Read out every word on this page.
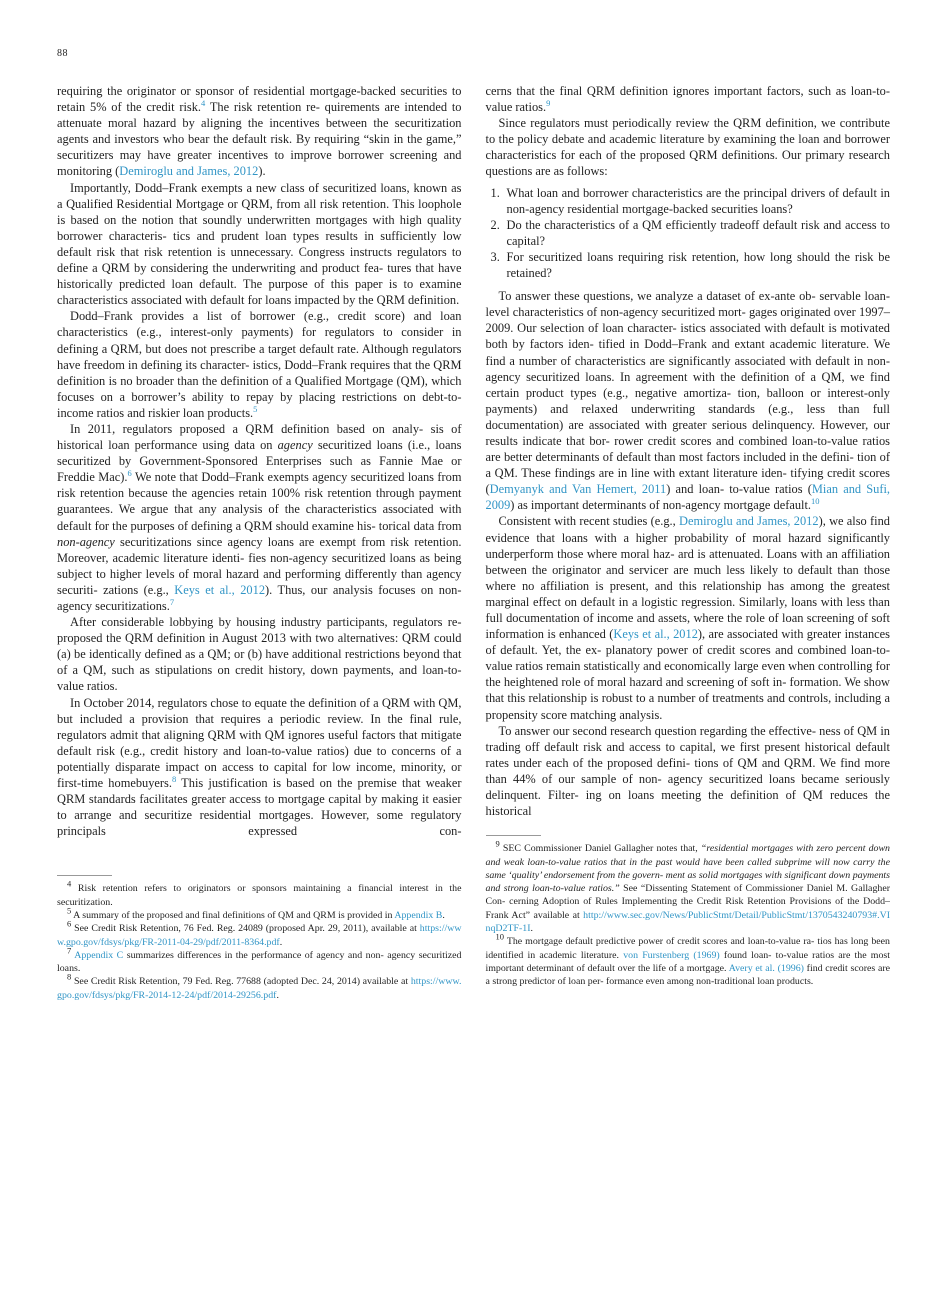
88

requiring the originator or sponsor of residential mortgage-backed securities to retain 5% of the credit risk.$^4$ The risk retention re- quirements are intended to attenuate moral hazard by aligning the incentives between the securitization agents and investors who bear the default risk. By requiring “skin in the game,” securitizers may have greater incentives to improve borrower screening and monitoring (Demiroglu and James, 2012).

Importantly, Dodd–Frank exempts a new class of securitized loans, known as a Qualified Residential Mortgage or QRM, from all risk retention. This loophole is based on the notion that soundly underwritten mortgages with high quality borrower characteris- tics and prudent loan types results in sufficiently low default risk that risk retention is unnecessary. Congress instructs regulators to define a QRM by considering the underwriting and product fea- tures that have historically predicted loan default. The purpose of this paper is to examine characteristics associated with default for loans impacted by the QRM definition.

Dodd–Frank provides a list of borrower (e.g., credit score) and loan characteristics (e.g., interest-only payments) for regulators to consider in defining a QRM, but does not prescribe a target default rate. Although regulators have freedom in defining its character- istics, Dodd–Frank requires that the QRM definition is no broader than the definition of a Qualified Mortgage (QM), which focuses on a borrower’s ability to repay by placing restrictions on debt-to- income ratios and riskier loan products.$^5$

In 2011, regulators proposed a QRM definition based on analy- sis of historical loan performance using data on agency securitized loans (i.e., loans securitized by Government-Sponsored Enterprises such as Fannie Mae or Freddie Mac).$^6$ We note that Dodd–Frank exempts agency securitized loans from risk retention because the agencies retain 100% risk retention through payment guarantees. We argue that any analysis of the characteristics associated with default for the purposes of defining a QRM should examine his- torical data from non-agency securitizations since agency loans are exempt from risk retention. Moreover, academic literature identi- fies non-agency securitized loans as being subject to higher levels of moral hazard and performing differently than agency securiti- zations (e.g., Keys et al., 2012). Thus, our analysis focuses on non- agency securitizations.$^7$

After considerable lobbying by housing industry participants, regulators re-proposed the QRM definition in August 2013 with two alternatives: QRM could (a) be identically defined as a QM; or (b) have additional restrictions beyond that of a QM, such as stipulations on credit history, down payments, and loan-to-value ratios.

In October 2014, regulators chose to equate the definition of a QRM with QM, but included a provision that requires a periodic review. In the final rule, regulators admit that aligning QRM with QM ignores useful factors that mitigate default risk (e.g., credit history and loan-to-value ratios) due to concerns of a potentially disparate impact on access to capital for low income, minority, or first-time homebuyers.$^8$ This justification is based on the premise that weaker QRM standards facilitates greater access to mortgage capital by making it easier to arrange and securitize residential mortgages. However, some regulatory principals expressed con-

$^4$ Risk retention refers to originators or sponsors maintaining a financial interest in the securitization.

$^5$ A summary of the proposed and final definitions of QM and QRM is provided in Appendix B.

$^6$ See Credit Risk Retention, 76 Fed. Reg. 24089 (proposed Apr. 29, 2011), available at https://www.gpo.gov/fdsys/pkg/FR-2011-04-29/pdf/2011-8364.pdf.

$^7$ Appendix C summarizes differences in the performance of agency and non- agency securitized loans.

$^8$ See Credit Risk Retention, 79 Fed. Reg. 77688 (adopted Dec. 24, 2014) available at https://www.gpo.gov/fdsys/pkg/FR-2014-12-24/pdf/2014-29256.pdf.

cerns that the final QRM definition ignores important factors, such as loan-to-value ratios.$^9$

Since regulators must periodically review the QRM definition, we contribute to the policy debate and academic literature by examining the loan and borrower characteristics for each of the proposed QRM definitions. Our primary research questions are as follows:

1. What loan and borrower characteristics are the principal drivers of default in non-agency residential mortgage-backed securities loans?
2. Do the characteristics of a QM efficiently tradeoff default risk and access to capital?
3. For securitized loans requiring risk retention, how long should the risk be retained?

To answer these questions, we analyze a dataset of ex-ante ob- servable loan-level characteristics of non-agency securitized mort- gages originated over 1997–2009. Our selection of loan character- istics associated with default is motivated both by factors iden- tified in Dodd–Frank and extant academic literature. We find a number of characteristics are significantly associated with default in non- agency securitized loans. In agreement with the definition of a QM, we find certain product types (e.g., negative amortiza- tion, balloon or interest-only payments) and relaxed underwriting standards (e.g., less than full documentation) are associated with greater serious delinquency. However, our results indicate that bor- rower credit scores and combined loan-to-value ratios are better determinants of default than most factors included in the defini- tion of a QM. These findings are in line with extant literature iden- tifying credit scores (Demyanyk and Van Hemert, 2011) and loan- to-value ratios (Mian and Sufi, 2009) as important determinants of non-agency mortgage default.$^{10}$

Consistent with recent studies (e.g., Demiroglu and James, 2012), we also find evidence that loans with a higher probability of moral hazard significantly underperform those where moral haz- ard is attenuated. Loans with an affiliation between the originator and servicer are much less likely to default than those where no affiliation is present, and this relationship has among the greatest marginal effect on default in a logistic regression. Similarly, loans with less than full documentation of income and assets, where the role of loan screening of soft information is enhanced (Keys et al., 2012), are associated with greater instances of default. Yet, the ex- planatory power of credit scores and combined loan-to-value ratios remain statistically and economically large even when controlling for the heightened role of moral hazard and screening of soft in- formation. We show that this relationship is robust to a number of treatments and controls, including a propensity score matching analysis.

To answer our second research question regarding the effective- ness of QM in trading off default risk and access to capital, we first present historical default rates under each of the proposed defini- tions of QM and QRM. We find more than 44% of our sample of non- agency securitized loans became seriously delinquent. Filter- ing on loans meeting the definition of QM reduces the historical

$^9$ SEC Commissioner Daniel Gallagher notes that, “residential mortgages with zero percent down and weak loan-to-value ratios that in the past would have been called subprime will now carry the same ‘quality’ endorsement from the govern- ment as solid mortgages with significant down payments and strong loan-to-value ratios.” See “Dissenting Statement of Commissioner Daniel M. Gallagher Con- cerning Adoption of Rules Implementing the Credit Risk Retention Provisions of the Dodd–Frank Act” available at http://www.sec.gov/News/PublicStmt/Detail/PublicStmt/1370543240793#.VInqD2TF-1I.

$^{10}$ The mortgage default predictive power of credit scores and loan-to-value ra- tios has long been identified in academic literature. von Furstenberg (1969) found loan- to-value ratios are the most important determinant of default over the life of a mortgage. Avery et al. (1996) find credit scores are a strong predictor of loan per- formance even among non-traditional loan products.
